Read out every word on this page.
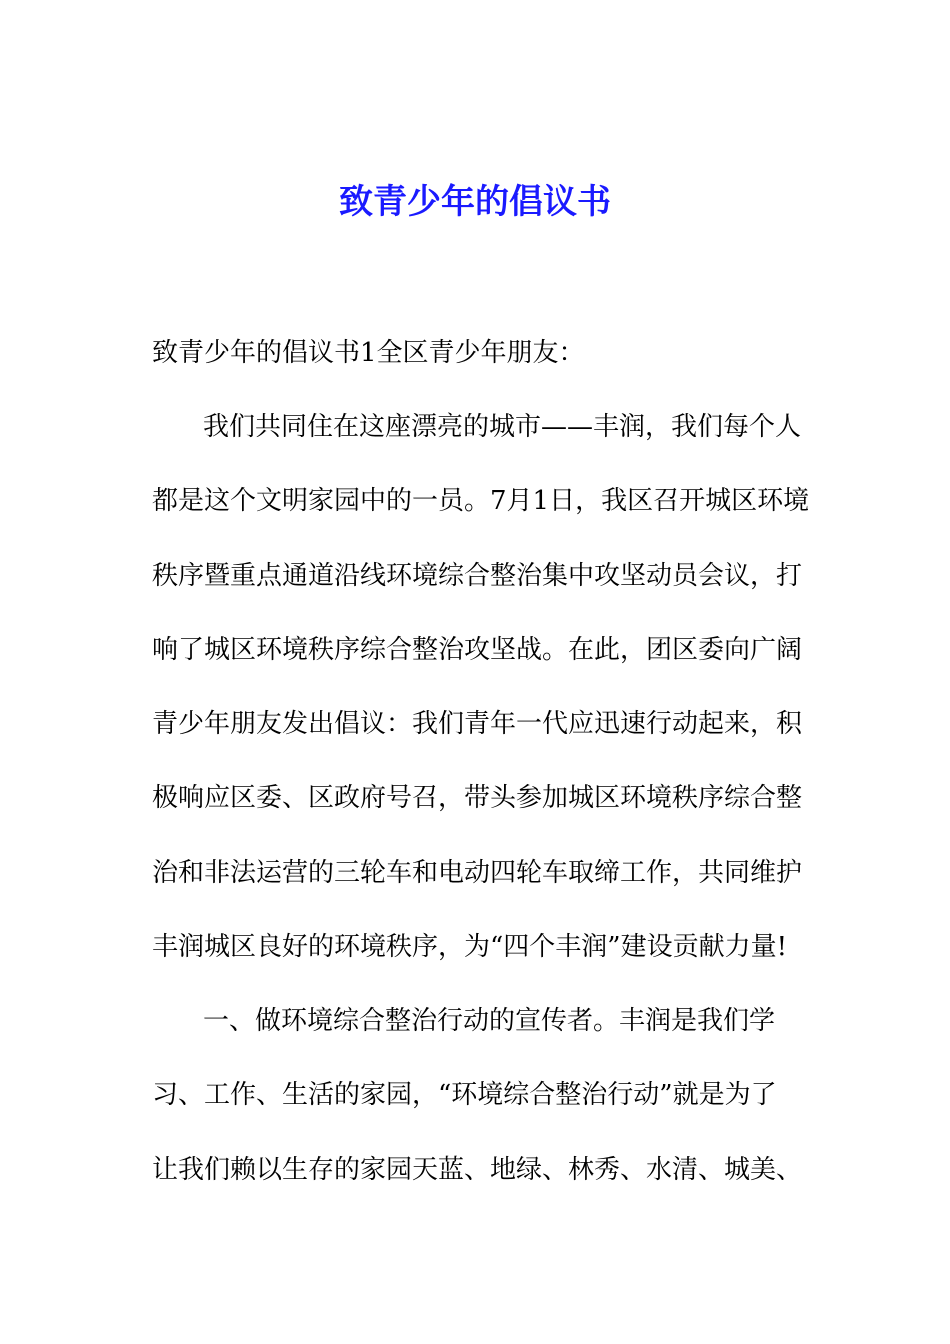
致青少年的倡议书
致青少年的倡议书1全区青少年朋友：
我们共同住在这座漂亮的城市——丰润，我们每个人
都是这个文明家园中的一员。7月1日，我区召开城区环境
秩序暨重点通道沿线环境综合整治集中攻坚动员会议，打
响了城区环境秩序综合整治攻坚战。在此，团区委向广阔
青少年朋友发出倡议：我们青年一代应迅速行动起来，积
极响应区委、区政府号召，带头参加城区环境秩序综合整
治和非法运营的三轮车和电动四轮车取缔工作，共同维护
丰润城区良好的环境秩序，为“四个丰润”建设贡献力量!
一、做环境综合整治行动的宣传者。丰润是我们学
习、工作、生活的家园，“环境综合整治行动”就是为了
让我们赖以生存的家园天蓝、地绿、林秀、水清、城美、
